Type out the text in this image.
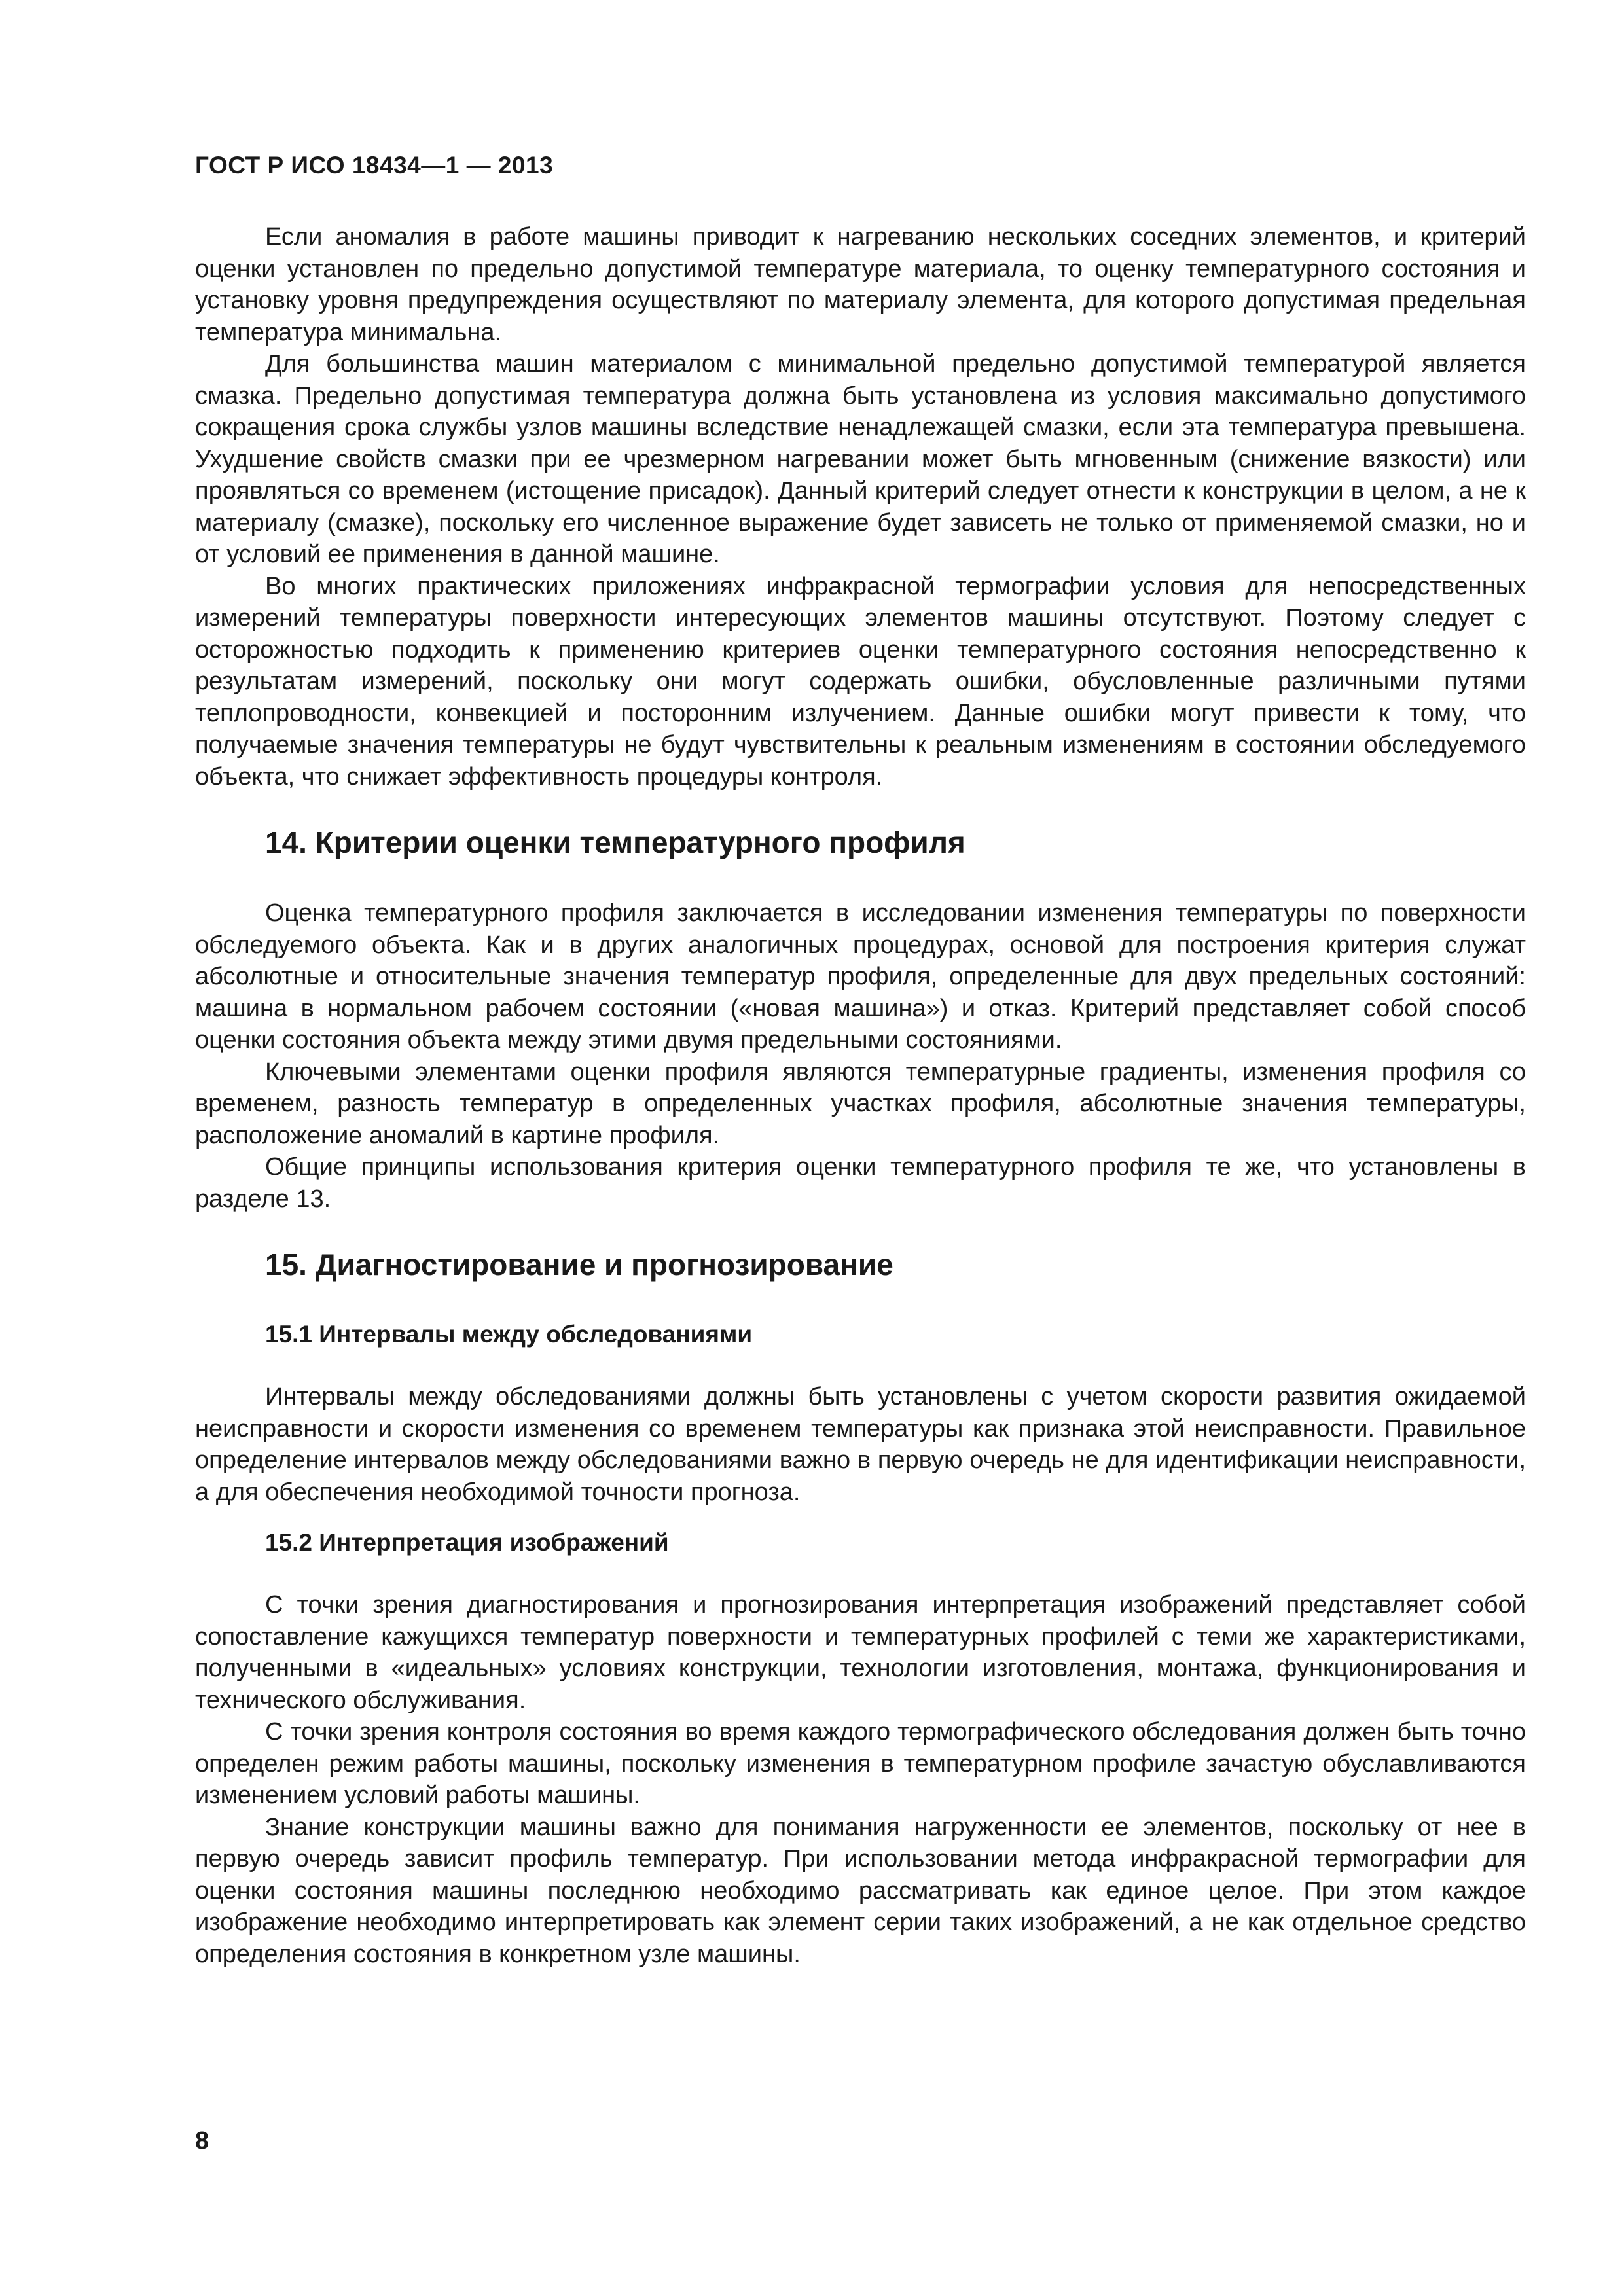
ГОСТ Р ИСО 18434—1 — 2013

Если аномалия в работе машины приводит к нагреванию нескольких соседних элементов, и критерий оценки установлен по предельно допустимой температуре материала, то оценку температурного состояния и установку уровня предупреждения осуществляют по материалу элемента, для которого допустимая предельная температура минимальна.

Для большинства машин материалом с минимальной предельно допустимой температурой является смазка. Предельно допустимая температура должна быть установлена из условия максимально допустимого сокращения срока службы узлов машины вследствие ненадлежащей смазки, если эта температура превышена. Ухудшение свойств смазки при ее чрезмерном нагревании может быть мгновенным (снижение вязкости) или проявляться со временем (истощение присадок). Данный критерий следует отнести к конструкции в целом, а не к материалу (смазке), поскольку его численное выражение будет зависеть не только от применяемой смазки, но и от условий ее применения в данной машине.

Во многих практических приложениях инфракрасной термографии условия для непосредственных измерений температуры поверхности интересующих элементов машины отсутствуют. Поэтому следует с осторожностью подходить к применению критериев оценки температурного состояния непосредственно к результатам измерений, поскольку они могут содержать ошибки, обусловленные различными путями теплопроводности, конвекцией и посторонним излучением. Данные ошибки могут привести к тому, что получаемые значения температуры не будут чувствительны к реальным изменениям в состоянии обследуемого объекта, что снижает эффективность процедуры контроля.

14. Критерии оценки температурного профиля

Оценка температурного профиля заключается в исследовании изменения температуры по поверхности обследуемого объекта. Как и в других аналогичных процедурах, основой для построения критерия служат абсолютные и относительные значения температур профиля, определенные для двух предельных состояний: машина в нормальном рабочем состоянии («новая машина») и отказ. Критерий представляет собой способ оценки состояния объекта между этими двумя предельными состояниями.

Ключевыми элементами оценки профиля являются температурные градиенты, изменения профиля со временем, разность температур в определенных участках профиля, абсолютные значения температуры, расположение аномалий в картине профиля.

Общие принципы использования критерия оценки температурного профиля те же, что установлены в разделе 13.

15. Диагностирование и прогнозирование
15.1 Интервалы между обследованиями

Интервалы между обследованиями должны быть установлены с учетом скорости развития ожидаемой неисправности и скорости изменения со временем температуры как признака этой неисправности. Правильное определение интервалов между обследованиями важно в первую очередь не для идентификации неисправности, а для обеспечения необходимой точности прогноза.

15.2 Интерпретация изображений

С точки зрения диагностирования и прогнозирования интерпретация изображений представляет собой сопоставление кажущихся температур поверхности и температурных профилей с теми же характеристиками, полученными в «идеальных» условиях конструкции, технологии изготовления, монтажа, функционирования и технического обслуживания.

С точки зрения контроля состояния во время каждого термографического обследования должен быть точно определен режим работы машины, поскольку изменения в температурном профиле зачастую обуславливаются изменением условий работы машины.

Знание конструкции машины важно для понимания нагруженности ее элементов, поскольку от нее в первую очередь зависит профиль температур. При использовании метода инфракрасной термографии для оценки состояния машины последнюю необходимо рассматривать как единое целое. При этом каждое изображение необходимо интерпретировать как элемент серии таких изображений, а не как отдельное средство определения состояния в конкретном узле машины.

8
